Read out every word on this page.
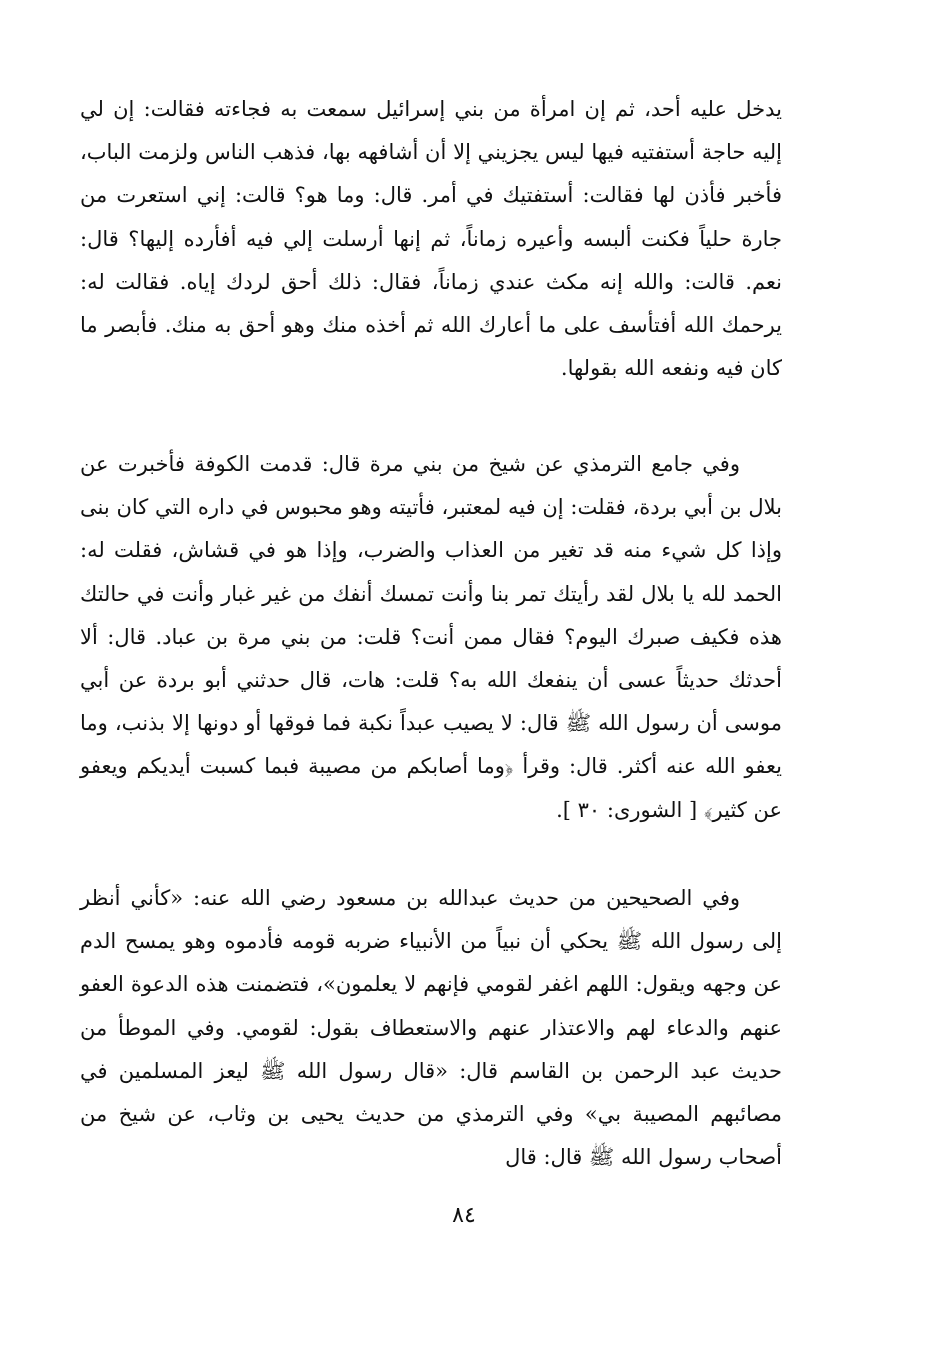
يدخل عليه أحد، ثم إن امرأة من بني إسرائيل سمعت به فجاءته فقالت: إن لي إليه حاجة أستفتيه فيها ليس يجزيني إلا أن أشافهه بها، فذهب الناس ولزمت الباب، فأخبر فأذن لها فقالت: أستفتيك في أمر. قال: وما هو؟ قالت: إني استعرت من جارة حلياً فكنت ألبسه وأعيره زماناً، ثم إنها أرسلت إلي فيه أفأرده إليها؟ قال: نعم. قالت: والله إنه مكث عندي زماناً، فقال: ذلك أحق لردك إياه. فقالت له: يرحمك الله أفتأسف على ما أعارك الله ثم أخذه منك وهو أحق به منك. فأبصر ما كان فيه ونفعه الله بقولها.

وفي جامع الترمذي عن شيخ من بني مرة قال: قدمت الكوفة فأخبرت عن بلال بن أبي بردة، فقلت: إن فيه لمعتبر، فأتيته وهو محبوس في داره التي كان بنى وإذا كل شيء منه قد تغير من العذاب والضرب، وإذا هو في قشاش، فقلت له: الحمد لله يا بلال لقد رأيتك تمر بنا وأنت تمسك أنفك من غير غبار وأنت في حالتك هذه فكيف صبرك اليوم؟ فقال ممن أنت؟ قلت: من بني مرة بن عباد. قال: ألا أحدثك حديثاً عسى أن ينفعك الله به؟ قلت: هات، قال حدثني أبو بردة عن أبي موسى أن رسول الله ﷺ قال: لا يصيب عبداً نكبة فما فوقها أو دونها إلا بذنب، وما يعفو الله عنه أكثر. قال: وقرأ ﴿وما أصابكم من مصيبة فبما كسبت أيديكم ويعفو عن كثير﴾ [ الشورى: ٣٠ ].

وفي الصحيحين من حديث عبدالله بن مسعود رضي الله عنه: «كأني أنظر إلى رسول الله ﷺ يحكي أن نبياً من الأنبياء ضربه قومه فأدموه وهو يمسح الدم عن وجهه ويقول: اللهم اغفر لقومي فإنهم لا يعلمون»، فتضمنت هذه الدعوة العفو عنهم والدعاء لهم والاعتذار عنهم والاستعطاف بقول: لقومي. وفي الموطأ من حديث عبد الرحمن بن القاسم قال: «قال رسول الله ﷺ ليعز المسلمين في مصائبهم المصيبة بي» وفي الترمذي من حديث يحيى بن وثاب، عن شيخ من أصحاب رسول الله ﷺ قال: قال

٨٤
